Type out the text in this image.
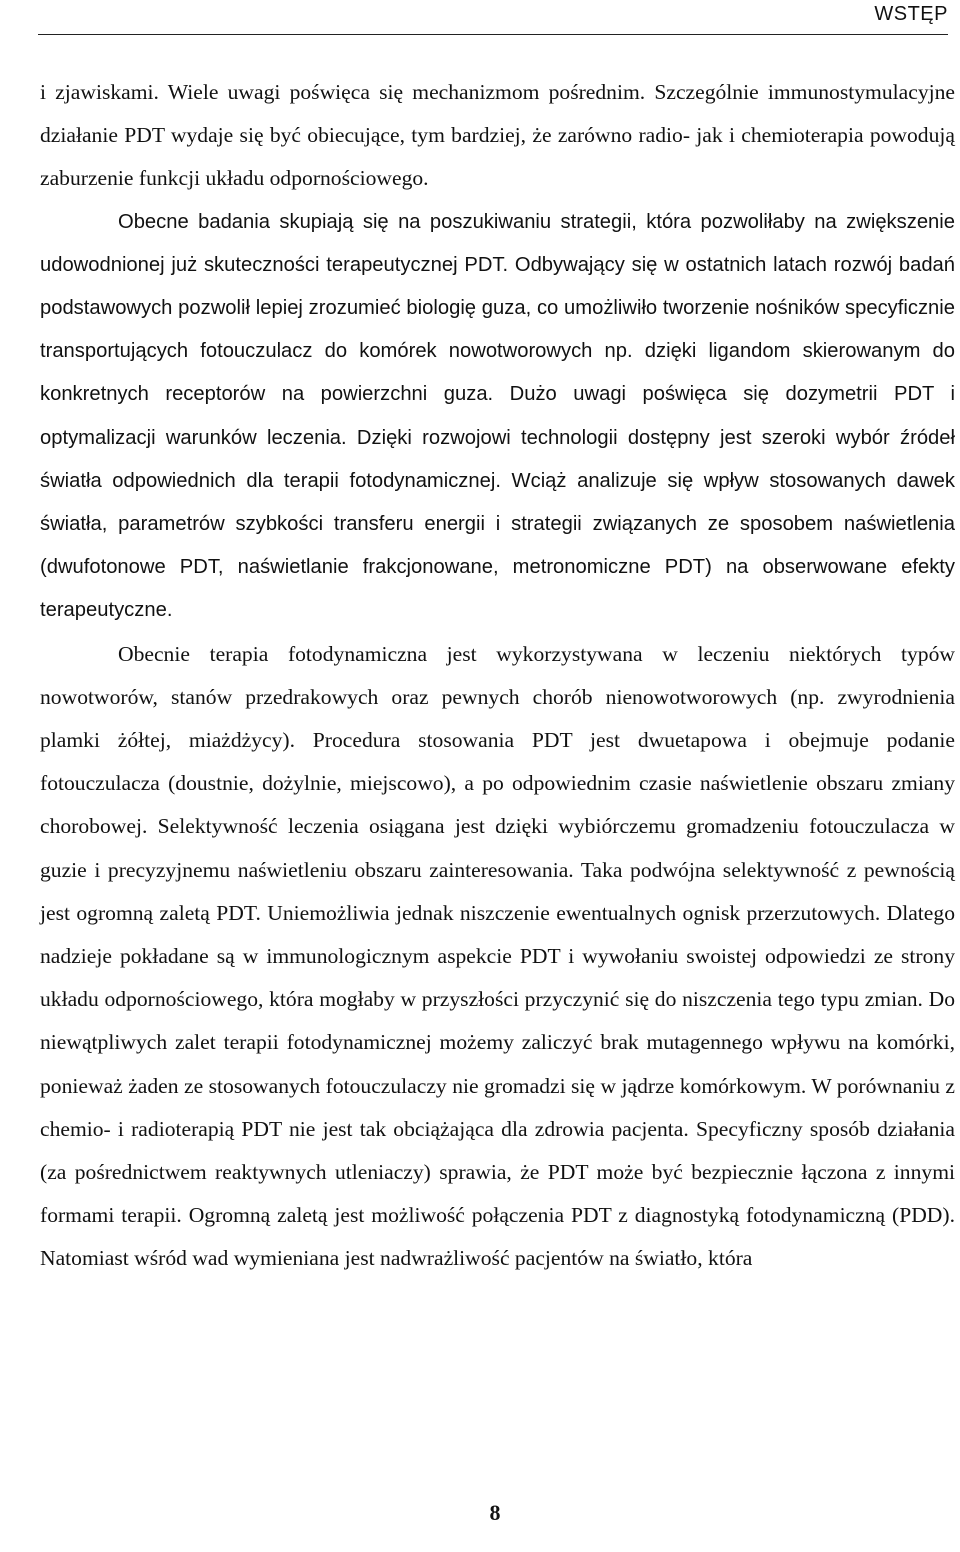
WSTĘP

i zjawiskami. Wiele uwagi poświęca się mechanizmom pośrednim. Szczególnie immunostymulacyjne działanie PDT wydaje się być obiecujące, tym bardziej, że zarówno radio- jak i chemioterapia powodują zaburzenie funkcji układu odpornościowego.

Obecne badania skupiają się na poszukiwaniu strategii, która pozwoliłaby na zwiększenie udowodnionej już skuteczności terapeutycznej PDT. Odbywający się w ostatnich latach rozwój badań podstawowych pozwolił lepiej zrozumieć biologię guza, co umożliwiło tworzenie nośników specyficznie transportujących fotouczulacz do komórek nowotworowych np. dzięki ligandom skierowanym do konkretnych receptorów na powierzchni guza. Dużo uwagi poświęca się dozymetrii PDT i optymalizacji warunków leczenia. Dzięki rozwojowi technologii dostępny jest szeroki wybór źródeł światła odpowiednich dla terapii fotodynamicznej. Wciąż analizuje się wpływ stosowanych dawek światła, parametrów szybkości transferu energii i strategii związanych ze sposobem naświetlenia (dwufotonowe PDT, naświetlanie frakcjonowane, metronomiczne PDT) na obserwowane efekty terapeutyczne.

Obecnie terapia fotodynamiczna jest wykorzystywana w leczeniu niektórych typów nowotworów, stanów przedrakowych oraz pewnych chorób nienowotworowych (np. zwyrodnienia plamki żółtej, miażdżycy). Procedura stosowania PDT jest dwuetapowa i obejmuje podanie fotouczulacza (doustnie, dożylnie, miejscowo), a po odpowiednim czasie naświetlenie obszaru zmiany chorobowej. Selektywność leczenia osiągana jest dzięki wybiórczemu gromadzeniu fotouczulacza w guzie i precyzyjnemu naświetleniu obszaru zainteresowania. Taka podwójna selektywność z pewnością jest ogromną zaletą PDT. Uniemożliwia jednak niszczenie ewentualnych ognisk przerzutowych. Dlatego nadzieje pokładane są w immunologicznym aspekcie PDT i wywołaniu swoistej odpowiedzi ze strony układu odpornościowego, która mogłaby w przyszłości przyczynić się do niszczenia tego typu zmian. Do niewątpliwych zalet terapii fotodynamicznej możemy zaliczyć brak mutagennego wpływu na komórki, ponieważ żaden ze stosowanych fotouczulaczy nie gromadzi się w jądrze komórkowym. W porównaniu z chemio- i radioterapią PDT nie jest tak obciążająca dla zdrowia pacjenta. Specyficzny sposób działania (za pośrednictwem reaktywnych utleniaczy) sprawia, że PDT może być bezpiecznie łączona z innymi formami terapii. Ogromną zaletą jest możliwość połączenia PDT z diagnostyką fotodynamiczną (PDD). Natomiast wśród wad wymieniana jest nadwrażliwość pacjentów na światło, która

8
